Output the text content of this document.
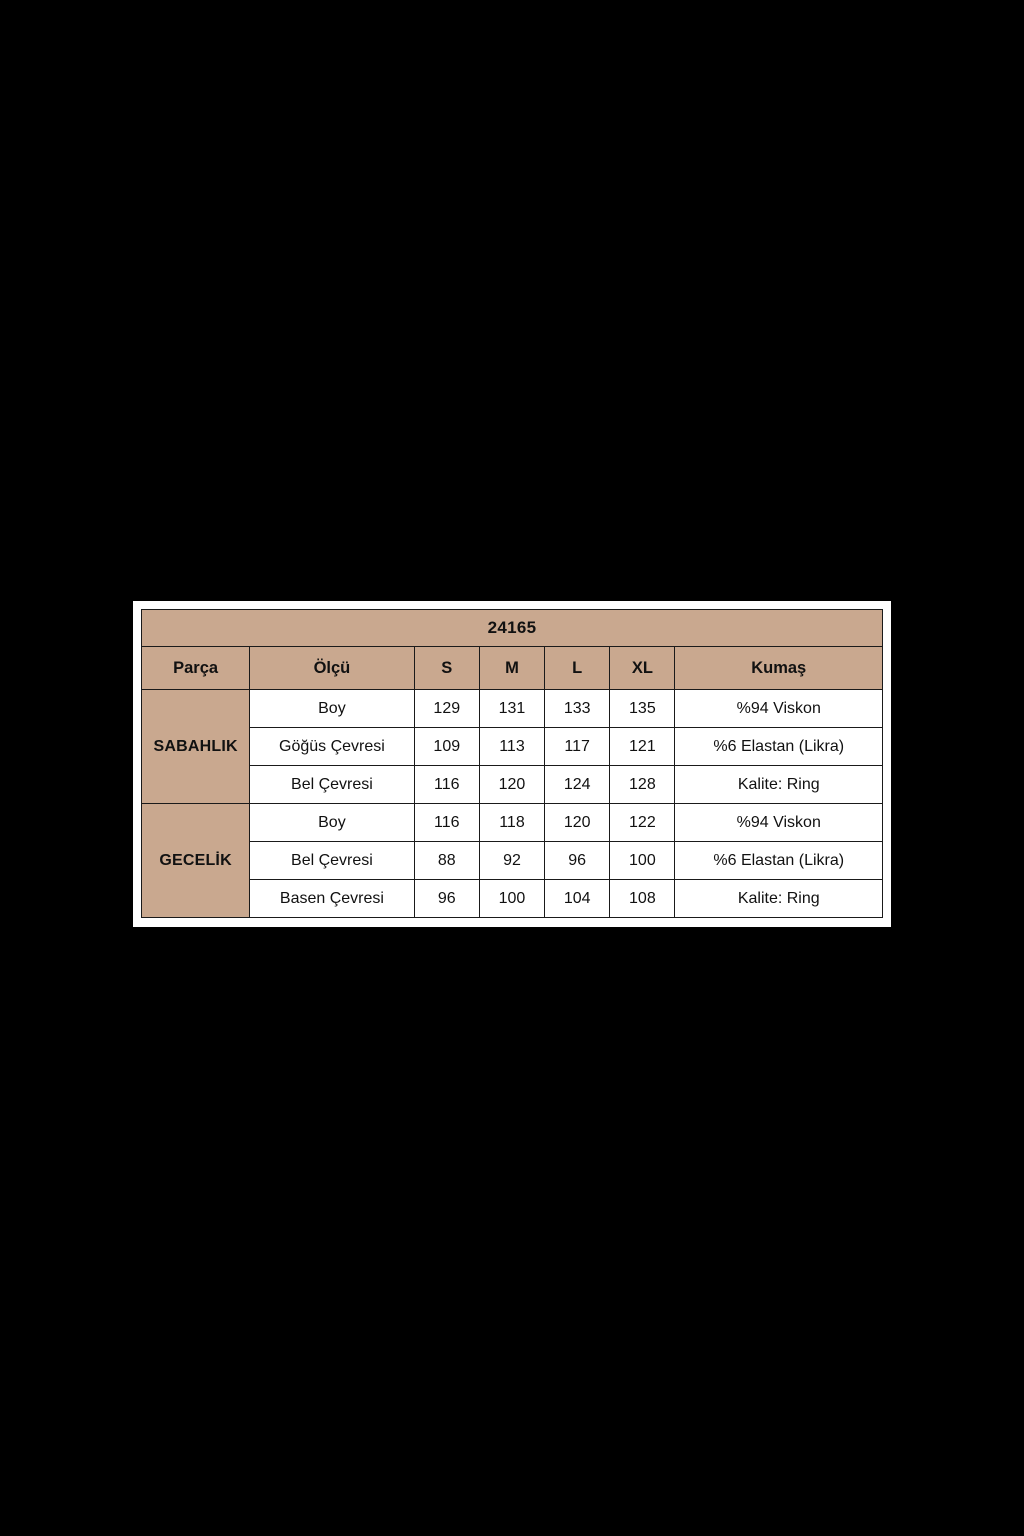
24165						
Parça	Ölçü	S	M	L	XL	Kumaş
SABAHLIK	Boy	129	131	133	135	%94 Viskon
	Göğüs Çevresi	109	113	117	121	%6 Elastan (Likra)
	Bel Çevresi	116	120	124	128	Kalite: Ring
GECELİK	Boy	116	118	120	122	%94 Viskon
	Bel Çevresi	88	92	96	100	%6 Elastan (Likra)
	Basen Çevresi	96	100	104	108	Kalite: Ring
